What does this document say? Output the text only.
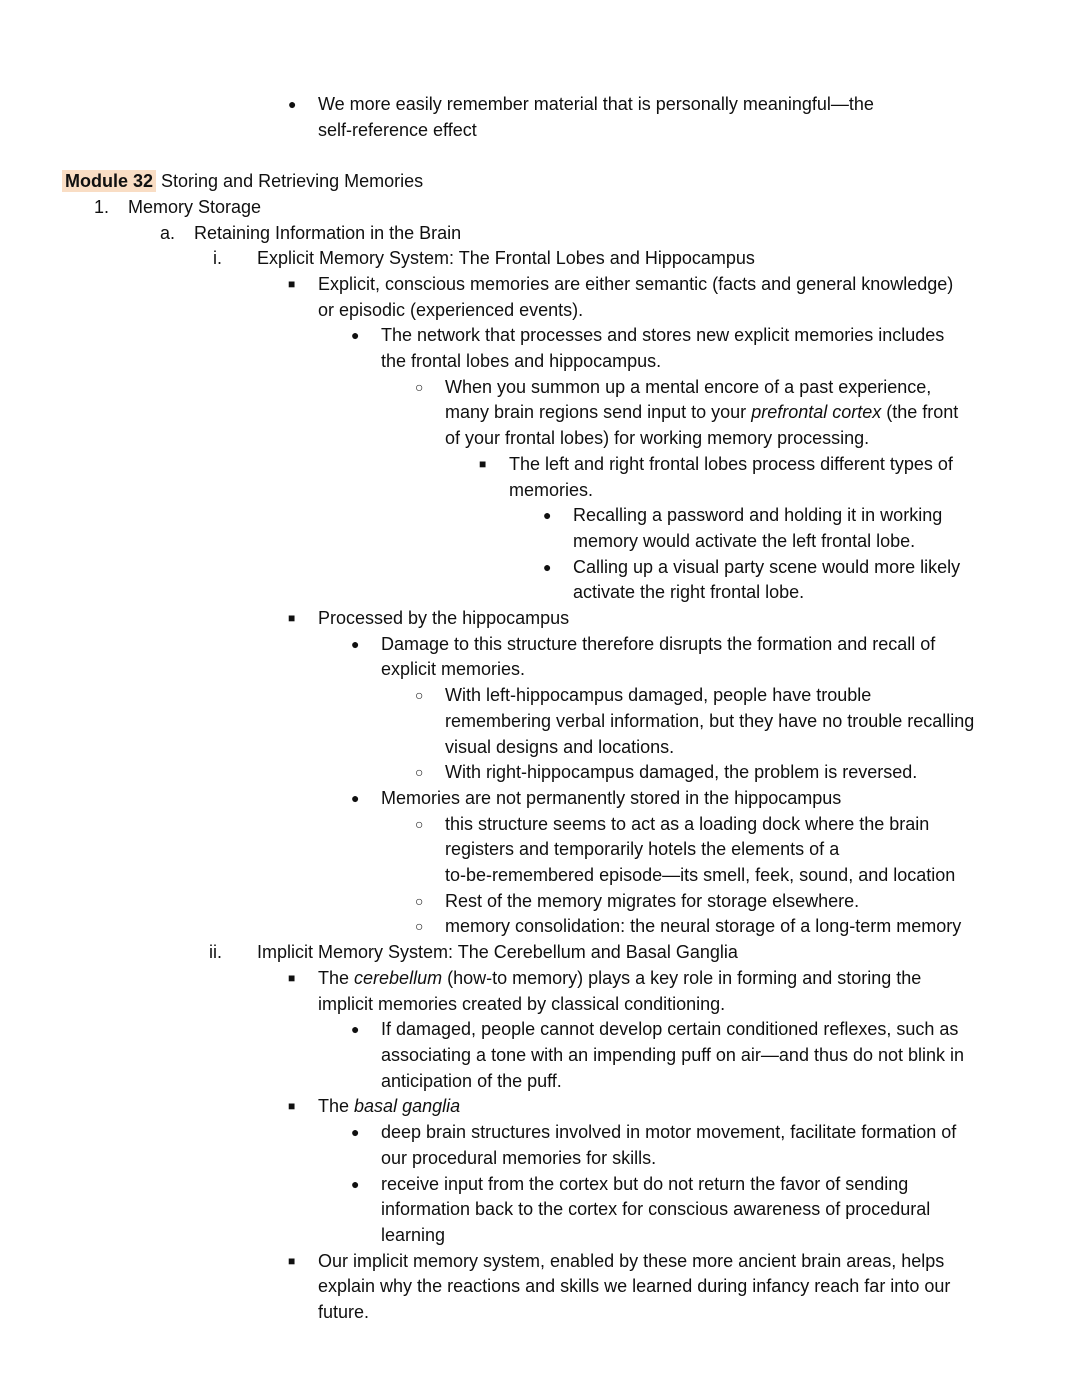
● We more easily remember material that is personally meaningful—the
self-reference effect
Module 32 Storing and Retrieving Memories
1. Memory Storage
a. Retaining Information in the Brain
i. Explicit Memory System: The Frontal Lobes and Hippocampus
■ Explicit, conscious memories are either semantic (facts and general knowledge)
or episodic (experienced events).
● The network that processes and stores new explicit memories includes
the frontal lobes and hippocampus.
○ When you summon up a mental encore of a past experience,
many brain regions send input to your prefrontal cortex (the front
of your frontal lobes) for working memory processing.
■ The left and right frontal lobes process different types of
memories.
● Recalling a password and holding it in working
memory would activate the left frontal lobe.
● Calling up a visual party scene would more likely
activate the right frontal lobe.
■ Processed by the hippocampus
● Damage to this structure therefore disrupts the formation and recall of
explicit memories.
○ With left-hippocampus damaged, people have trouble
remembering verbal information, but they have no trouble recalling
visual designs and locations.
○ With right-hippocampus damaged, the problem is reversed.
● Memories are not permanently stored in the hippocampus
○ this structure seems to act as a loading dock where the brain
registers and temporarily hotels the elements of a
to-be-remembered episode—its smell, feek, sound, and location
○ Rest of the memory migrates for storage elsewhere.
○ memory consolidation: the neural storage of a long-term memory
ii. Implicit Memory System: The Cerebellum and Basal Ganglia
■ The cerebellum (how-to memory) plays a key role in forming and storing the
implicit memories created by classical conditioning.
● If damaged, people cannot develop certain conditioned reflexes, such as
associating a tone with an impending puff on air—and thus do not blink in
anticipation of the puff.
■ The basal ganglia
● deep brain structures involved in motor movement, facilitate formation of
our procedural memories for skills.
● receive input from the cortex but do not return the favor of sending
information back to the cortex for conscious awareness of procedural
learning
■ Our implicit memory system, enabled by these more ancient brain areas, helps
explain why the reactions and skills we learned during infancy reach far into our
future.
